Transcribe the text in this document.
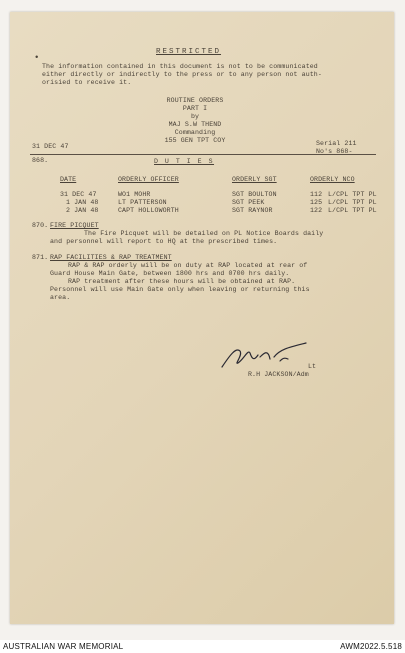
RESTRICTED
•
The information contained in this document is not to be communicated
either directly or indirectly to the press or to any person not auth-
orisied to receive it.
ROUTINE ORDERS
PART I
by
MAJ S.W THEND
Commanding
155 GEN TPT COY
31 DEC 47	Serial 211
No's 868-
868.	D U T I E S
DATE	ORDERLY OFFICER	ORDERLY SGT	ORDERLY NCO
31 DEC 47	WO1 MOHR	SGT BOULTON	112 L/CPL TPT PL
1 JAN 48	LT PATTERSON	SGT PEEK	125 L/CPL TPT PL
2 JAN 48	CAPT HOLLOWORTH	SGT RAYNOR	122 L/CPL TPT PL
870. FIRE PICQUET
The Fire Picquet will be detailed on PL Notice Boards daily
and personnel will report to HQ at the prescribed times.
871. RAP FACILITIES & RAP TREATMENT
RAP & RAP orderly will be on duty at RAP located at rear of
Guard House Main Gate, between 1800 hrs and 0700 hrs daily.
RAP treatment after these hours will be obtained at RAP.
Personnel will use Main Gate only when leaving or returning this
area.
Lt
R.H JACKSON/Adm
AUSTRALIAN WAR MEMORIAL	AWM2022.5.518
